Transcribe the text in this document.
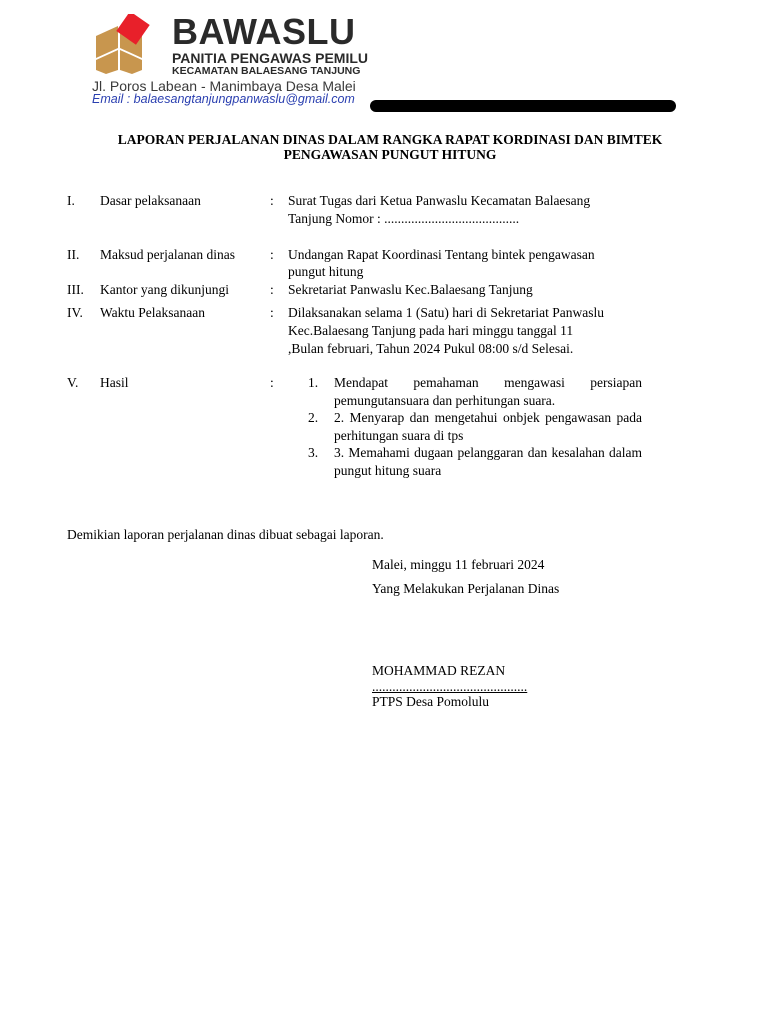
BAWASLU
PANITIA PENGAWAS PEMILU
KECAMATAN BALAESANG TANJUNG
Jl. Poros Labean - Manimbaya Desa Malei
Email : balaesangtanjungpanwaslu@gmail.com
LAPORAN PERJALANAN DINAS DALAM RANGKA RAPAT KORDINASI DAN BIMTEK
PENGAWASAN PUNGUT HITUNG
I. Dasar pelaksanaan	: Surat Tugas dari Ketua Panwaslu Kecamatan Balaesang
Tanjung Nomor : ........................................
II. Maksud perjalanan dinas	: Undangan Rapat Koordinasi Tentang bintek pengawasan
pungut hitung
III. Kantor yang dikunjungi	: Sekretariat Panwaslu Kec.Balaesang Tanjung
IV. Waktu Pelaksanaan	: Dilaksanakan selama 1 (Satu) hari di Sekretariat Panwaslu
Kec.Balaesang Tanjung pada hari minggu tanggal 11
,Bulan februari, Tahun 2024 Pukul 08:00 s/d Selesai.
V. Hasil	:	1. Mendapat pemahaman mengawasi persiapan pemungutansuara dan perhitungan suara.
2. 2. Menyarap dan mengetahui onbjek pengawasan pada perhitungan suara di tps
3. 3. Memahami dugaan pelanggaran dan kesalahan dalam pungut hitung suara
Demikian laporan perjalanan dinas dibuat sebagai laporan.
Malei, minggu 11 februari 2024
Yang Melakukan Perjalanan Dinas
MOHAMMAD REZAN
..............................................
PTPS Desa Pomolulu
